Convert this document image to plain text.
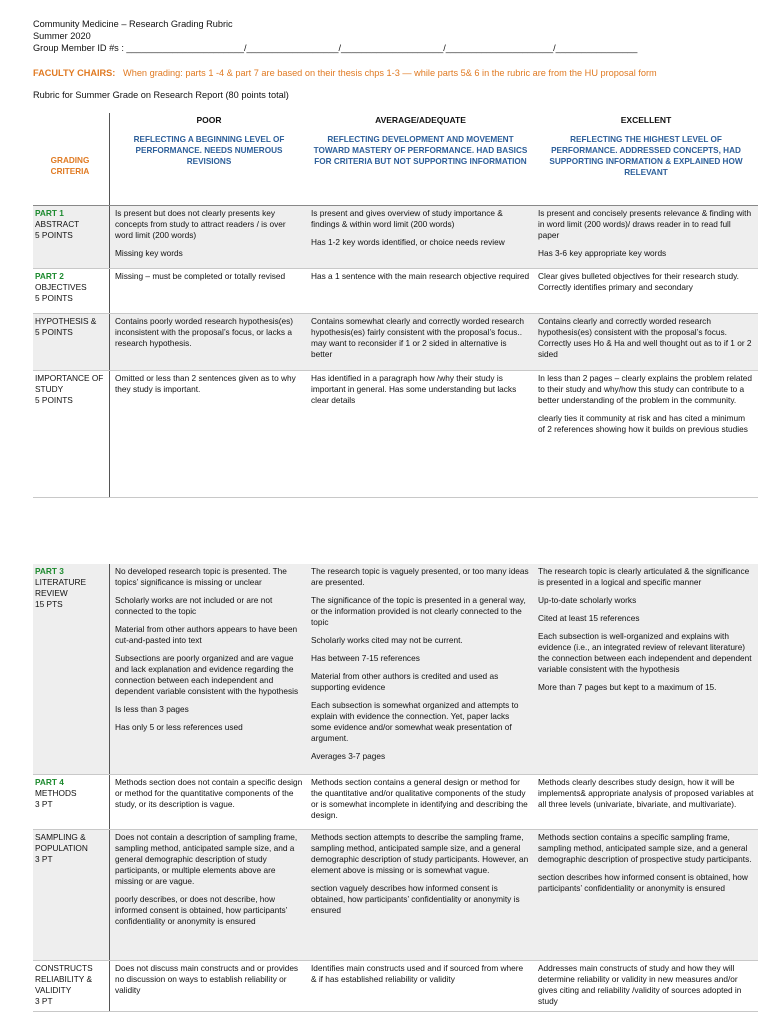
Community Medicine – Research Grading Rubric
Summer 2020
Group Member ID #s : _______________________/__________________/____________________/_____________________/________________
FACULTY CHAIRS: When grading: parts 1 -4 & part 7 are based on their thesis chps 1-3 — while parts 5& 6 in the rubric are from the HU proposal form
Rubric for Summer Grade on Research Report (80 points total)
GRADING CRITERIA
POOR
REFLECTING A BEGINNING LEVEL OF PERFORMANCE. NEEDS NUMEROUS REVISIONS
AVERAGE/ADEQUATE
REFLECTING DEVELOPMENT AND MOVEMENT TOWARD MASTERY OF PERFORMANCE. HAD BASICS FOR CRITERIA BUT NOT SUPPORTING INFORMATION
EXCELLENT
REFLECTING THE HIGHEST LEVEL OF PERFORMANCE. ADDRESSED CONCEPTS, HAD SUPPORTING INFORMATION & EXPLAINED HOW RELEVANT
PART 1
ABSTRACT
5 POINTS

Is present but does not clearly presents key concepts from study to attract readers / is over word limit (200 words)

Missing key words

Is present and gives overview of study importance & findings & within word limit (200 words)

Has 1-2 key words identified, or choice needs review

Is present and concisely presents relevance & finding with in word limit (200 words)/ draws reader in to read full paper

Has 3-6 key appropriate key words

PART 2
OBJECTIVES
5 POINTS

Missing – must be completed or totally revised	Has a 1 sentence with the main research objective required Clear gives bulleted objectives for their research study. Correctly identifies primary and secondary

HYPOTHESIS &
5 POINTS

Contains poorly worded research hypothesis(es) inconsistent with the proposal’s focus, or lacks a research hypothesis.

Contains somewhat clearly and correctly worded research hypothesis(es) fairly consistent with the proposal’s focus.. may want to reconsider if 1 or 2 sided in alternative is better

Contains clearly and correctly worded research hypothesis(es) consistent with the proposal’s focus. Correctly uses Ho & Ha and well thought out as to if 1 or 2 sided

IMPORTANCE OF STUDY
5 POINTS

Omitted or less than 2 sentences given as to why they study is important.

Has identified in a paragraph how /why their study is important in general. Has some understanding but lacks clear details

In less than 2 pages – clearly explains the problem related to their study and why/how this study can contribute to a better understanding of the problem in the community.

clearly ties it community at risk and has cited a minimum of 2 references showing how it builds on previous studies

PART 3
LITERATURE REVIEW
15 PTS

No developed research topic is presented. The topics’ significance is missing or unclear

Scholarly works are not included or are not connected to the topic

Material from other authors appears to have been cut-and-pasted into text

Subsections are poorly organized and are vague and lack explanation and evidence regarding the connection between each independent and dependent variable consistent with the hypothesis

Is less than 3 pages

Has only 5 or less references used

The research topic is vaguely presented, or too many ideas are presented.

The significance of the topic is presented in a general way, or the information provided is not clearly connected to the topic

Scholarly works cited may not be current.

Has between 7-15 references

Material from other authors is credited and used as supporting evidence

Each subsection is somewhat organized and attempts to explain with evidence the connection. Yet, paper lacks some evidence and/or somewhat weak presentation of argument.

Averages 3-7 pages

The research topic is clearly articulated & the significance is presented in a logical and specific manner

Up-to-date scholarly works

Cited at least 15 references

Each subsection is well-organized and explains with evidence (i.e., an integrated review of relevant literature) the connection between each independent and dependent variable consistent with the hypothesis

More than 7 pages but kept to a maximum of 15.

PART 4
METHODS
3 PT

Methods section does not contain a specific design or method for the quantitative components of the study, or its description is vague.

Methods section contains a general design or method for the quantitative and/or qualitative components of the study or is somewhat incomplete in identifying and describing the design.

Methods clearly describes study design, how it will be implements& appropriate analysis of proposed variables at all three levels (univariate, bivariate, and multivariate).

SAMPLING & POPULATION
3 PT

Does not contain a description of sampling frame, sampling method, anticipated sample size, and a general demographic description of study participants, or multiple elements above are missing or are vague.

poorly describes, or does not describe, how informed consent is obtained, how participants’ confidentiality or anonymity is ensured

Methods section attempts to describe the sampling frame, sampling method, anticipated sample size, and a general demographic description of study participants. However, an element above is missing or is somewhat vague.

section vaguely describes how informed consent is obtained, how participants’ confidentiality or anonymity is ensured

Methods section contains a specific sampling frame, sampling method, anticipated sample size, and a general demographic description of prospective study participants.

section describes how informed consent is obtained, how participants’ confidentiality or anonymity is ensured

CONSTRUCTS RELIABILITY & VALIDITY
3 PT

Does not discuss main constructs and or provides no discussion on ways to establish reliability or validity

Identifies main constructs used and if sourced from where & if has established reliability or validity

Addresses main constructs of study and how they will determine reliability or validity in new measures and/or gives citing and reliability /validity of sources adopted in study
